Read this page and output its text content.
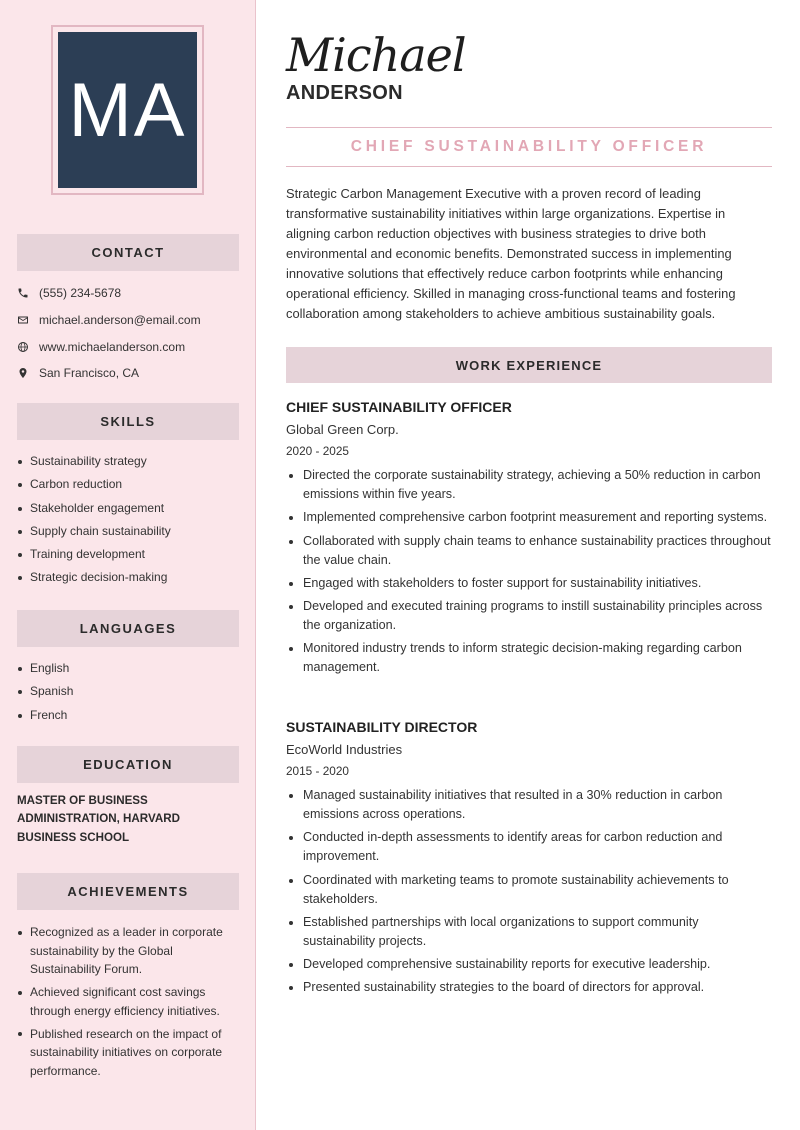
MA
CONTACT
(555) 234-5678
michael.anderson@email.com
www.michaelanderson.com
San Francisco, CA
SKILLS
Sustainability strategy
Carbon reduction
Stakeholder engagement
Supply chain sustainability
Training development
Strategic decision-making
LANGUAGES
English
Spanish
French
EDUCATION
MASTER OF BUSINESS ADMINISTRATION, HARVARD BUSINESS SCHOOL
ACHIEVEMENTS
Recognized as a leader in corporate sustainability by the Global Sustainability Forum.
Achieved significant cost savings through energy efficiency initiatives.
Published research on the impact of sustainability initiatives on corporate performance.
Michael
ANDERSON
CHIEF SUSTAINABILITY OFFICER

Strategic Carbon Management Executive with a proven record of leading transformative sustainability initiatives within large organizations. Expertise in aligning carbon reduction objectives with business strategies to drive both environmental and economic benefits. Demonstrated success in implementing innovative solutions that effectively reduce carbon footprints while enhancing operational efficiency. Skilled in managing cross-functional teams and fostering collaboration among stakeholders to achieve ambitious sustainability goals.

WORK EXPERIENCE
CHIEF SUSTAINABILITY OFFICER
Global Green Corp.
2020 - 2025
Directed the corporate sustainability strategy, achieving a 50% reduction in carbon emissions within five years.
Implemented comprehensive carbon footprint measurement and reporting systems.
Collaborated with supply chain teams to enhance sustainability practices throughout the value chain.
Engaged with stakeholders to foster support for sustainability initiatives.
Developed and executed training programs to instill sustainability principles across the organization.
Monitored industry trends to inform strategic decision-making regarding carbon management.
SUSTAINABILITY DIRECTOR
EcoWorld Industries
2015 - 2020
Managed sustainability initiatives that resulted in a 30% reduction in carbon emissions across operations.
Conducted in-depth assessments to identify areas for carbon reduction and improvement.
Coordinated with marketing teams to promote sustainability achievements to stakeholders.
Established partnerships with local organizations to support community sustainability projects.
Developed comprehensive sustainability reports for executive leadership.
Presented sustainability strategies to the board of directors for approval.
